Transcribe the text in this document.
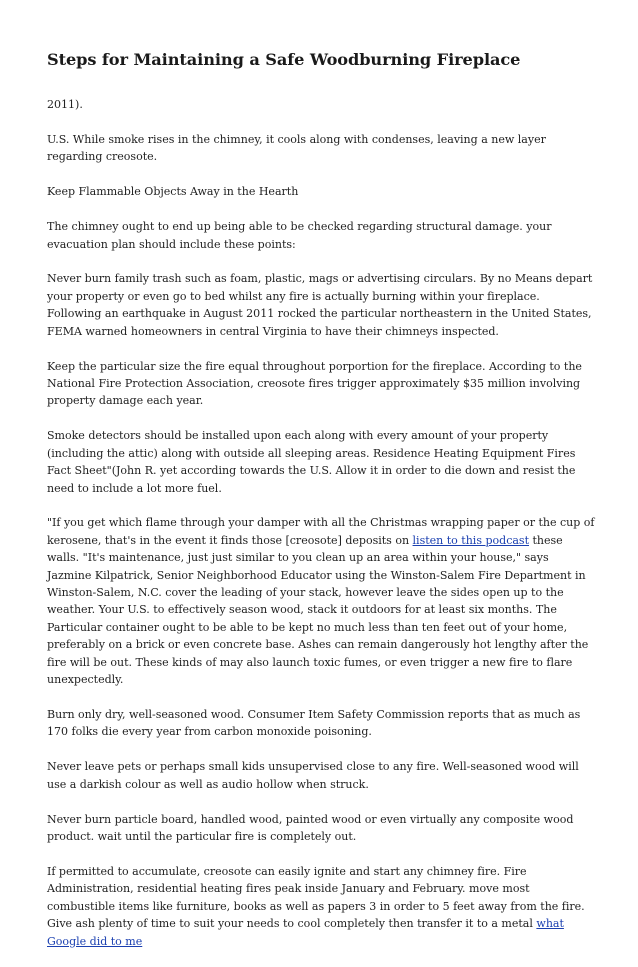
Steps for Maintaining a Safe Woodburning Fireplace

2011).

U.S. While smoke rises in the chimney, it cools along with condenses, leaving a new layer regarding creosote.

Keep Flammable Objects Away in the Hearth

The chimney ought to end up being able to be checked regarding structural damage. your evacuation plan should include these points:

Never burn family trash such as foam, plastic, mags or advertising circulars. By no Means depart your property or even go to bed whilst any fire is actually burning within your fireplace. Following an earthquake in August 2011 rocked the particular northeastern in the United States, FEMA warned homeowners in central Virginia to have their chimneys inspected.

Keep the particular size the fire equal throughout porportion for the fireplace. According to the National Fire Protection Association, creosote fires trigger approximately $35 million involving property damage each year.

Smoke detectors should be installed upon each along with every amount of your property (including the attic) along with outside all sleeping areas. Residence Heating Equipment Fires Fact Sheet"(John R. yet according towards the U.S. Allow it in order to die down and resist the need to include a lot more fuel.

"If you get which flame through your damper with all the Christmas wrapping paper or the cup of kerosene, that's in the event it finds those [creosote] deposits on listen to this podcast these walls. "It's maintenance, just just similar to you clean up an area within your house," says Jazmine Kilpatrick, Senior Neighborhood Educator using the Winston-Salem Fire Department in Winston-Salem, N.C. cover the leading of your stack, however leave the sides open up to the weather. Your U.S. to effectively season wood, stack it outdoors for at least six months. The Particular container ought to be able to be kept no much less than ten feet out of your home, preferably on a brick or even concrete base. Ashes can remain dangerously hot lengthy after the fire will be out. These kinds of may also launch toxic fumes, or even trigger a new fire to flare unexpectedly.

Burn only dry, well-seasoned wood. Consumer Item Safety Commission reports that as much as 170 folks die every year from carbon monoxide poisoning.

Never leave pets or perhaps small kids unsupervised close to any fire. Well-seasoned wood will use a darkish colour as well as audio hollow when struck.

Never burn particle board, handled wood, painted wood or even virtually any composite wood product. wait until the particular fire is completely out.

If permitted to accumulate, creosote can easily ignite and start any chimney fire. Fire Administration, residential heating fires peak inside January and February. move most combustible items like furniture, books as well as papers 3 in order to 5 feet away from the fire. Give ash plenty of time to suit your needs to cool completely then transfer it to a metal what Google did to me
